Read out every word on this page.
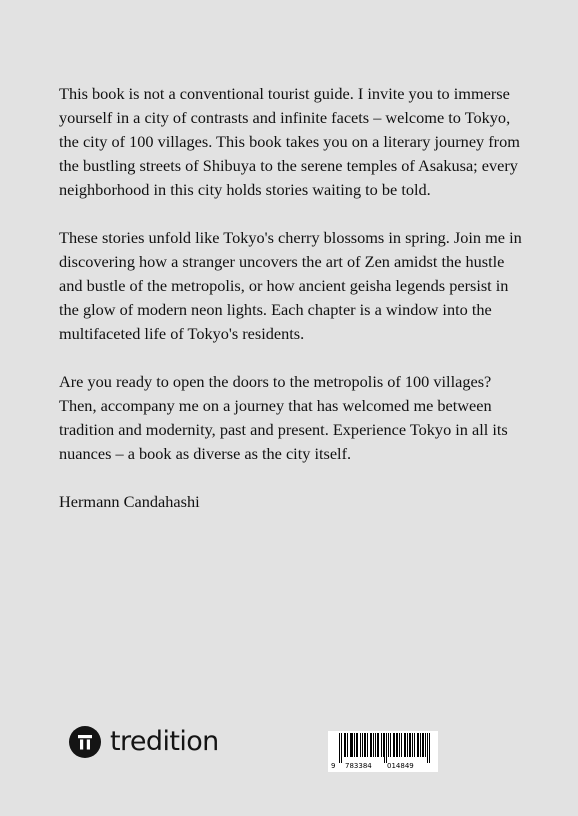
This book is not a conventional tourist guide. I invite you to immerse yourself in a city of contrasts and infinite facets – welcome to Tokyo, the city of 100 villages. This book takes you on a literary journey from the bustling streets of Shibuya to the serene temples of Asakusa; every neighborhood in this city holds stories waiting to be told.

These stories unfold like Tokyo's cherry blossoms in spring. Join me in discovering how a stranger uncovers the art of Zen amidst the hustle and bustle of the metropolis, or how ancient geisha legends persist in the glow of modern neon lights. Each chapter is a window into the multifaceted life of Tokyo's residents.

Are you ready to open the doors to the metropolis of 100 villages? Then, accompany me on a journey that has welcomed me between tradition and modernity, past and present. Experience Tokyo in all its nuances – a book as diverse as the city itself.

Hermann Candahashi

tredition
9 783384 014849
